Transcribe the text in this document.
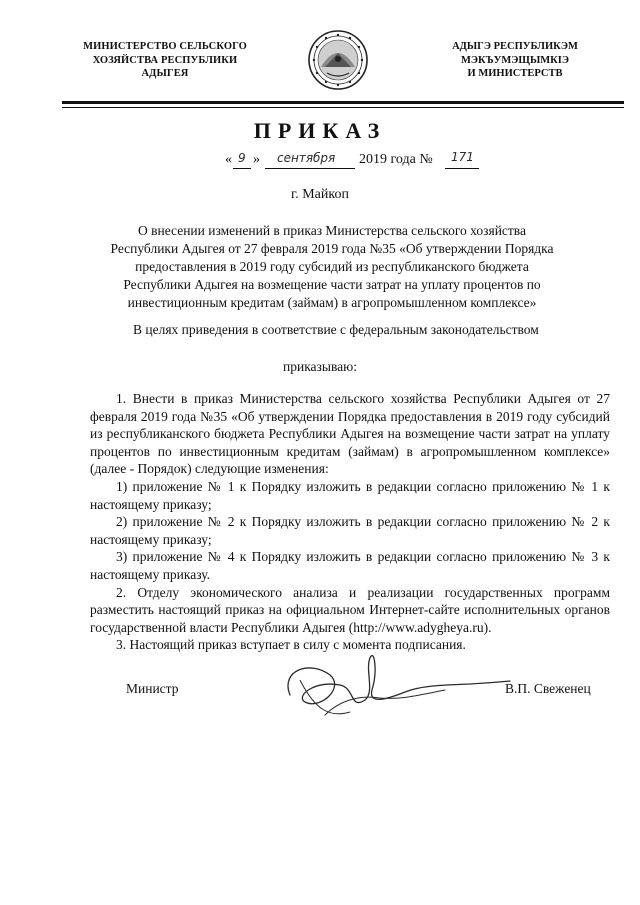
МИНИСТЕРСТВО СЕЛЬСКОГО
ХОЗЯЙСТВА РЕСПУБЛИКИ
АДЫГЕЯ
АДЫГЭ РЕСПУБЛИКЭМ
МЭКЪУМЭЩЫМКIЭ
И МИНИСТЕРСТВ
ПРИКАЗ
« 9 » сентября 2019 года № 171
г. Майкоп
О внесении изменений в приказ Министерства сельского хозяйства Республики Адыгея от 27 февраля 2019 года №35 «Об утверждении Порядка предоставления в 2019 году субсидий из республиканского бюджета Республики Адыгея на возмещение части затрат на уплату процентов по инвестиционным кредитам (займам) в агропромышленном комплексе»
В целях приведения в соответствие с федеральным законодательством
приказываю:

1. Внести в приказ Министерства сельского хозяйства Республики Адыгея от 27 февраля 2019 года №35 «Об утверждении Порядка предоставления в 2019 году субсидий из республиканского бюджета Республики Адыгея на возмещение части затрат на уплату процентов по инвестиционным кредитам (займам) в агропромышленном комплексе» (далее - Порядок) следующие изменения:

1) приложение № 1 к Порядку изложить в редакции согласно приложению № 1 к настоящему приказу;

2) приложение № 2 к Порядку изложить в редакции согласно приложению № 2 к настоящему приказу;

3) приложение № 4 к Порядку изложить в редакции согласно приложению № 3 к настоящему приказу.

2. Отделу экономического анализа и реализации государственных программ разместить настоящий приказ на официальном Интернет-сайте исполнительных органов государственной власти Республики Адыгея (http://www.adygheya.ru).

3. Настоящий приказ вступает в силу с момента подписания.

Министр	В.П. Свеженец
